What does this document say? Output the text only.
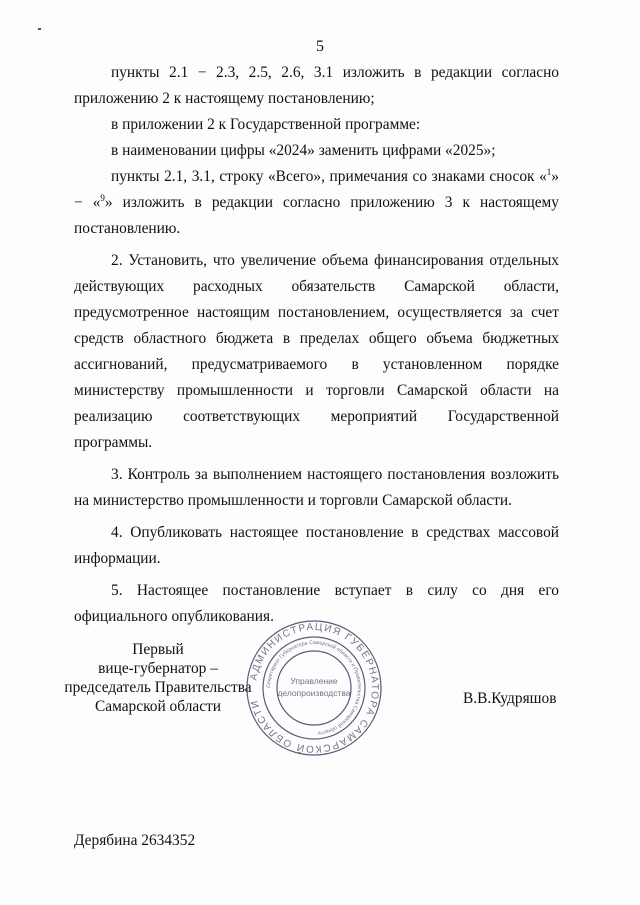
5

пункты 2.1 − 2.3, 2.5, 2.6, 3.1 изложить в редакции согласно приложению 2 к настоящему постановлению;

в приложении 2 к Государственной программе:

в наименовании цифры «2024» заменить цифрами «2025»;

пункты 2.1, 3.1, строку «Всего», примечания со знаками сносок «$^1$» − «$^9$» изложить в редакции согласно приложению 3 к настоящему постановлению.

2. Установить, что увеличение объема финансирования отдельных действующих расходных обязательств Самарской области, предусмотренное настоящим постановлением, осуществляется за счет средств областного бюджета в пределах общего объема бюджетных ассигнований, предусматриваемого в установленном порядке министерству промышленности и торговли Самарской области на реализацию соответствующих мероприятий Государственной программы.

3. Контроль за выполнением настоящего постановления возложить на министерство промышленности и торговли Самарской области.

4. Опубликовать настоящее постановление в средствах массовой информации.

5. Настоящее постановление вступает в силу со дня его официального опубликования.

Первый
вице-губернатор –
председатель Правительства
Самарской области
АДМИНИСТРАЦИЯ ГУБЕРНАТОРА САМАРСКОЙ ОБЛАСТИ
Секретариат Губернатора Самарской области и Правительства Самарской области
Управление
делопроизводства	В.В.Кудряшов
Дерябина 2634352
